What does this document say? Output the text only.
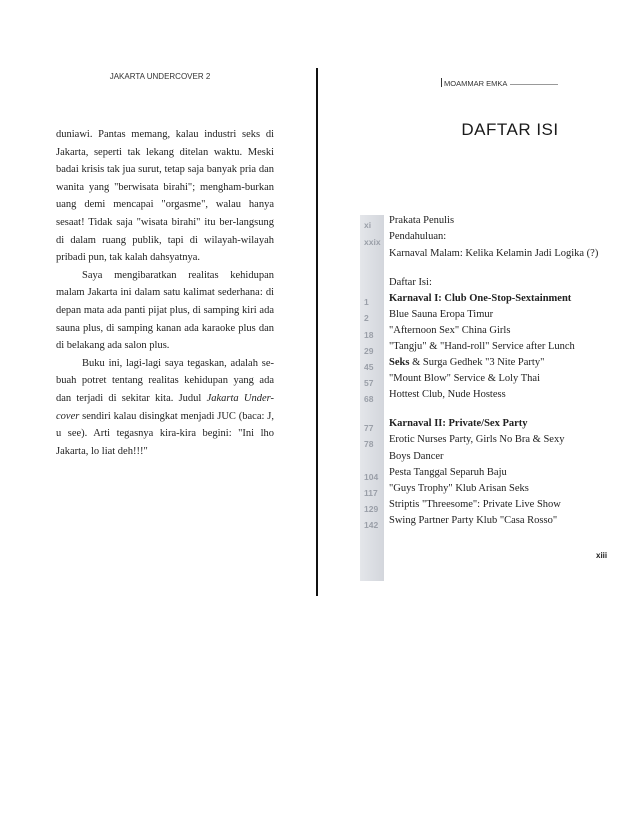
JAKARTA UNDERCOVER 2

duniawi. Pantas memang, kalau industri seks di Jakarta, seperti tak lekang ditelan waktu. Meski badai krisis tak jua surut, tetap saja banyak pria dan wanita yang "berwisata birahi"; mengham-burkan uang demi mencapai "orgasme", walau hanya sesaat! Tidak saja "wisata birahi" itu ber-langsung di dalam ruang publik, tapi di wilayah-wilayah pribadi pun, tak kalah dahsyatnya.

Saya mengibaratkan realitas kehidupan malam Jakarta ini dalam satu kalimat sederhana: di depan mata ada panti pijat plus, di samping kiri ada sauna plus, di samping kanan ada karaoke plus dan di belakang ada salon plus.

Buku ini, lagi-lagi saya tegaskan, adalah se-buah potret tentang realitas kehidupan yang ada dan terjadi di sekitar kita. Judul Jakarta Under-cover sendiri kalau disingkat menjadi JUC (baca: J, u see). Arti tegasnya kira-kira begini: "Ini lho Jakarta, lo liat deh!!!"

MOAMMAR EMKA
DAFTAR ISI
xi
xxix
1
2
18
29
45
57
68
77
78
104
117
129
142
Prakata Penulis
Pendahuluan:
Karnaval Malam: Kelika Kelamin Jadi Logika (?)
Daftar Isi:
Karnaval I: Club One-Stop-Sextainment
Blue Sauna Eropa Timur
"Afternoon Sex" China Girls
"Tangju" & "Hand-roll" Service after Lunch
Seks & Surga Gedhek "3 Nite Party"
"Mount Blow" Service & Loly Thai
Hottest Club, Nude Hostess
Karnaval II: Private/Sex Party
Erotic Nurses Party, Girls No Bra & Sexy
Boys Dancer
Pesta Tanggal Separuh Baju
"Guys Trophy" Klub Arisan Seks
Striptis "Threesome": Private Live Show
Swing Partner Party Klub "Casa Rosso"
xiii
